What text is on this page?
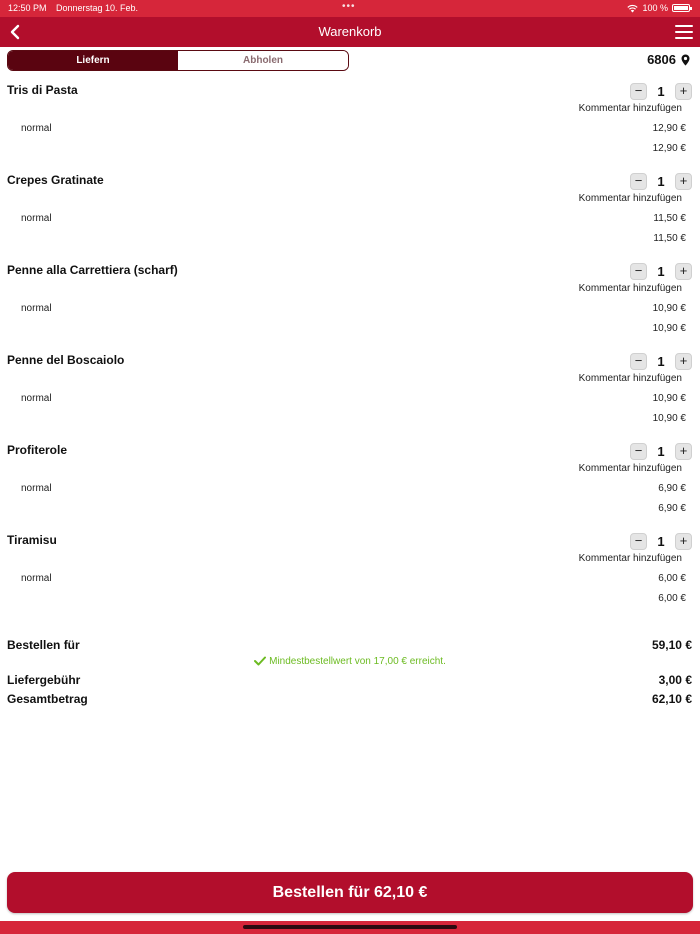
12:50 PM Donnerstag 10. Feb.	•••	100 %
Warenkorb
Liefern	Abholen	6806
Tris di Pasta	−	1	+
Kommentar hinzufügen
normal	12,90 €
12,90 €
Crepes Gratinate	−	1	+
Kommentar hinzufügen
normal	11,50 €
11,50 €
Penne alla Carrettiera (scharf)	−	1	+
Kommentar hinzufügen
normal	10,90 €
10,90 €
Penne del Boscaiolo	−	1	+
Kommentar hinzufügen
normal	10,90 €
10,90 €
Profiterole	−	1	+
Kommentar hinzufügen
normal	6,90 €
6,90 €
Tiramisu	−	1	+
Kommentar hinzufügen
normal	6,00 €
6,00 €
Bestellen für	59,10 €
Mindestbestellwert von 17,00 € erreicht.
Liefergebühr	3,00 €
Gesamtbetrag	62,10 €
Bestellen für 62,10 €
